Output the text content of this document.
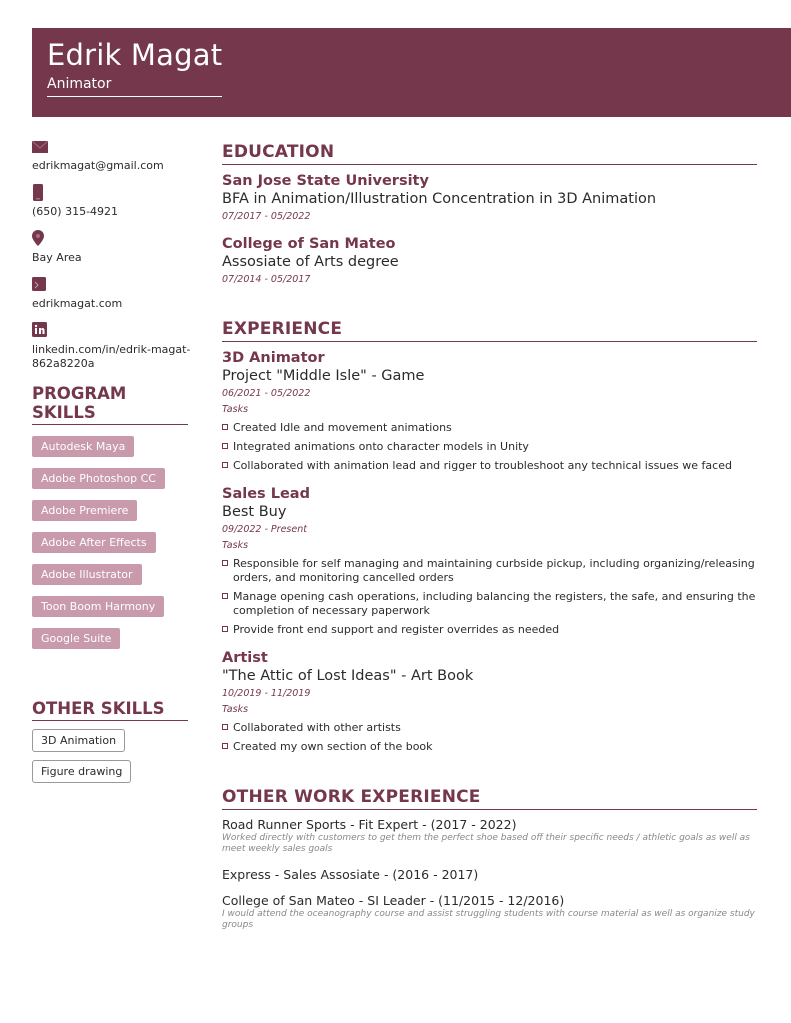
Edrik Magat
Animator
edrikmagat@gmail.com
(650) 315-4921
Bay Area
edrikmagat.com
linkedin.com/in/edrik-magat-862a8220a
PROGRAM SKILLS
Autodesk Maya
Adobe Photoshop CC
Adobe Premiere
Adobe After Effects
Adobe Illustrator
Toon Boom Harmony
Google Suite
OTHER SKILLS
3D Animation
Figure drawing
EDUCATION
San Jose State University
BFA in Animation/Illustration Concentration in 3D Animation
07/2017 - 05/2022
College of San Mateo
Assosiate of Arts degree
07/2014 - 05/2017
EXPERIENCE
3D Animator
Project "Middle Isle" - Game
06/2021 - 05/2022
Tasks
Created Idle and movement animations
Integrated animations onto character models in Unity
Collaborated with animation lead and rigger to troubleshoot any technical issues we faced
Sales Lead
Best Buy
09/2022 - Present
Tasks
Responsible for self managing and maintaining curbside pickup, including organizing/releasing orders, and monitoring cancelled orders
Manage opening cash operations, including balancing the registers, the safe, and ensuring the completion of necessary paperwork
Provide front end support and register overrides as needed
Artist
"The Attic of Lost Ideas" - Art Book
10/2019 - 11/2019
Tasks
Collaborated with other artists
Created my own section of the book
OTHER WORK EXPERIENCE
Road Runner Sports - Fit Expert - (2017 - 2022)
Worked directly with customers to get them the perfect shoe based off their specific needs / athletic goals as well as meet weekly sales goals
Express - Sales Assosiate - (2016 - 2017)
College of San Mateo - SI Leader - (11/2015 - 12/2016)
I would attend the oceanography course and assist struggling students with course material as well as organize study groups
